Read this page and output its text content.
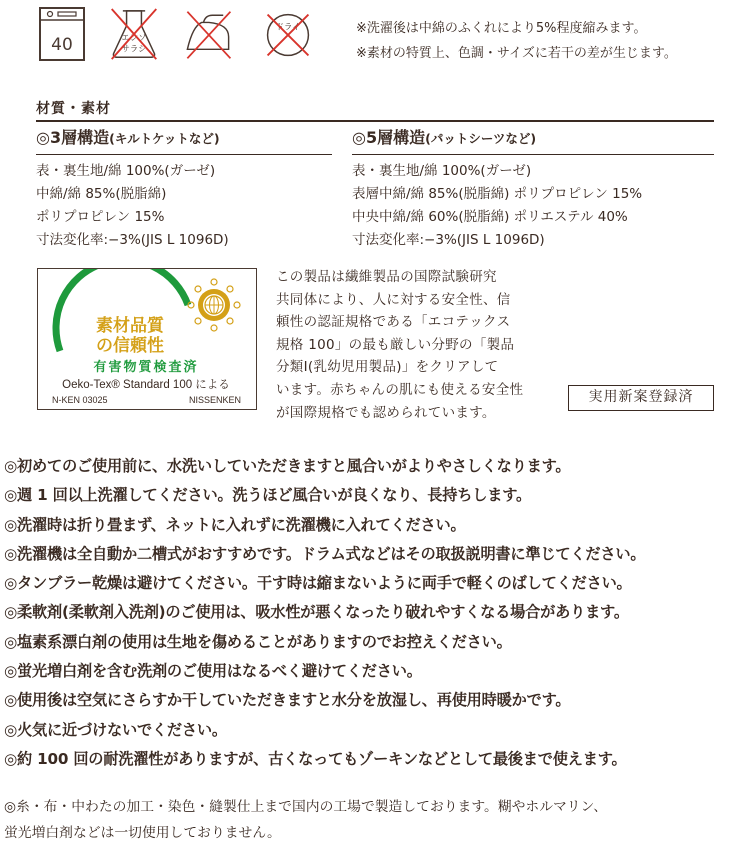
40	エンソ
サラシ
ドライ	※洗濯後は中綿のふくれにより5%程度縮みます。
※素材の特質上、色調・サイズに若干の差が生じます。
材質・素材
◎3層構造(キルトケットなど)
表・裏生地/綿 100%(ガーゼ)
中綿/綿 85%(脱脂綿)
ポリプロピレン 15%
寸法変化率:−3%(JIS L 1096D)
◎5層構造(パットシーツなど)
表・裏生地/綿 100%(ガーゼ)
表層中綿/綿 85%(脱脂綿) ポリプロピレン 15%
中央中綿/綿 60%(脱脂綿) ポリエステル 40%
寸法変化率:−3%(JIS L 1096D)
素材品質
の信頼性
有害物質検査済
Oeko-Tex® Standard 100 による
N-KEN 03025	NISSENKEN
この製品は繊維製品の国際試験研究
共同体により、人に対する安全性、信
頼性の認証規格である「エコテックス
規格 100」の最も厳しい分野の「製品
分類Ⅰ(乳幼児用製品)」をクリアして
います。赤ちゃんの肌にも使える安全性
が国際規格でも認められています。
実用新案登録済
◎初めてのご使用前に、水洗いしていただきますと風合いがよりやさしくなります。
◎週 1 回以上洗濯してください。洗うほど風合いが良くなり、長持ちします。
◎洗濯時は折り畳まず、ネットに入れずに洗濯機に入れてください。
◎洗濯機は全自動か二槽式がおすすめです。ドラム式などはその取扱説明書に準じてください。
◎タンブラー乾燥は避けてください。干す時は縮まないように両手で軽くのばしてください。
◎柔軟剤(柔軟剤入洗剤)のご使用は、吸水性が悪くなったり破れやすくなる場合があります。
◎塩素系漂白剤の使用は生地を傷めることがありますのでお控えください。
◎蛍光増白剤を含む洗剤のご使用はなるべく避けてください。
◎使用後は空気にさらすか干していただきますと水分を放湿し、再使用時暖かです。
◎火気に近づけないでください。
◎約 100 回の耐洗濯性がありますが、古くなってもゾーキンなどとして最後まで使えます。
◎糸・布・中わたの加工・染色・縫製仕上まで国内の工場で製造しております。糊やホルマリン、
蛍光増白剤などは一切使用しておりません。
